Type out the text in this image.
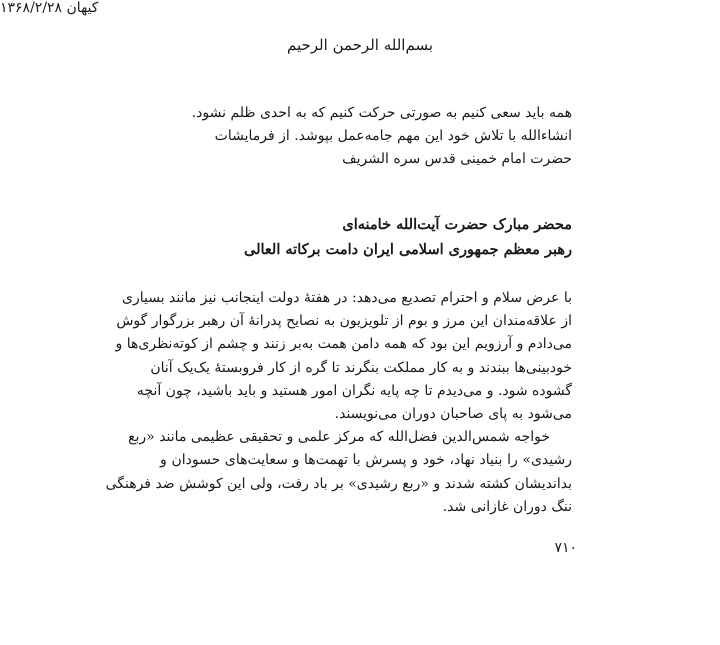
بسم‌الله الرحمن الرحیم
همه باید سعی کنیم به صورتی حرکت کنیم که به احدی ظلم نشود.
انشاءالله با تلاش خود این مهم جامه‌عمل بپوشد. از فرمایشات
حضرت امام خمینی قدس سره الشریف
کیهان ۱۳۶۸/۲/۲۸
محضر مبارک حضرت آیت‌الله خامنه‌ای
رهبر معظم جمهوری اسلامی ایران دامت برکاته العالی
با عرض سلام و احترام تصدیع می‌دهد: در هفتهٔ دولت اینجانب نیز مانند بسیاری
از علاقه‌مندان این مرز و بوم از تلویزیون به نصایح پدرانهٔ آن رهبر بزرگوار گوش
می‌دادم و آرزویم این بود که همه دامن همت به‌بر زنند و چشم از کوته‌نظری‌ها و
خودبینی‌ها ببندند و به کار مملکت بنگرند تا گره از کار فروبستهٔ یک‌یک آنان
گشوده شود. و می‌دیدم تا چه پایه نگران امور هستید و باید باشید، چون آنچه
می‌شود به پای صاحبان دوران می‌نویسند.
خواجه شمس‌الدین فضل‌الله که مرکز علمی و تحقیقی عظیمی مانند «ربع
رشیدی» را بنیاد نهاد، خود و پسرش با تهمت‌ها و سعایت‌های حسودان و
بداندیشان کشته شدند و «ربع رشیدی» بر باد رفت، ولی این کوشش ضد فرهنگی
ننگ دوران غازانی شد.
۷۱۰
